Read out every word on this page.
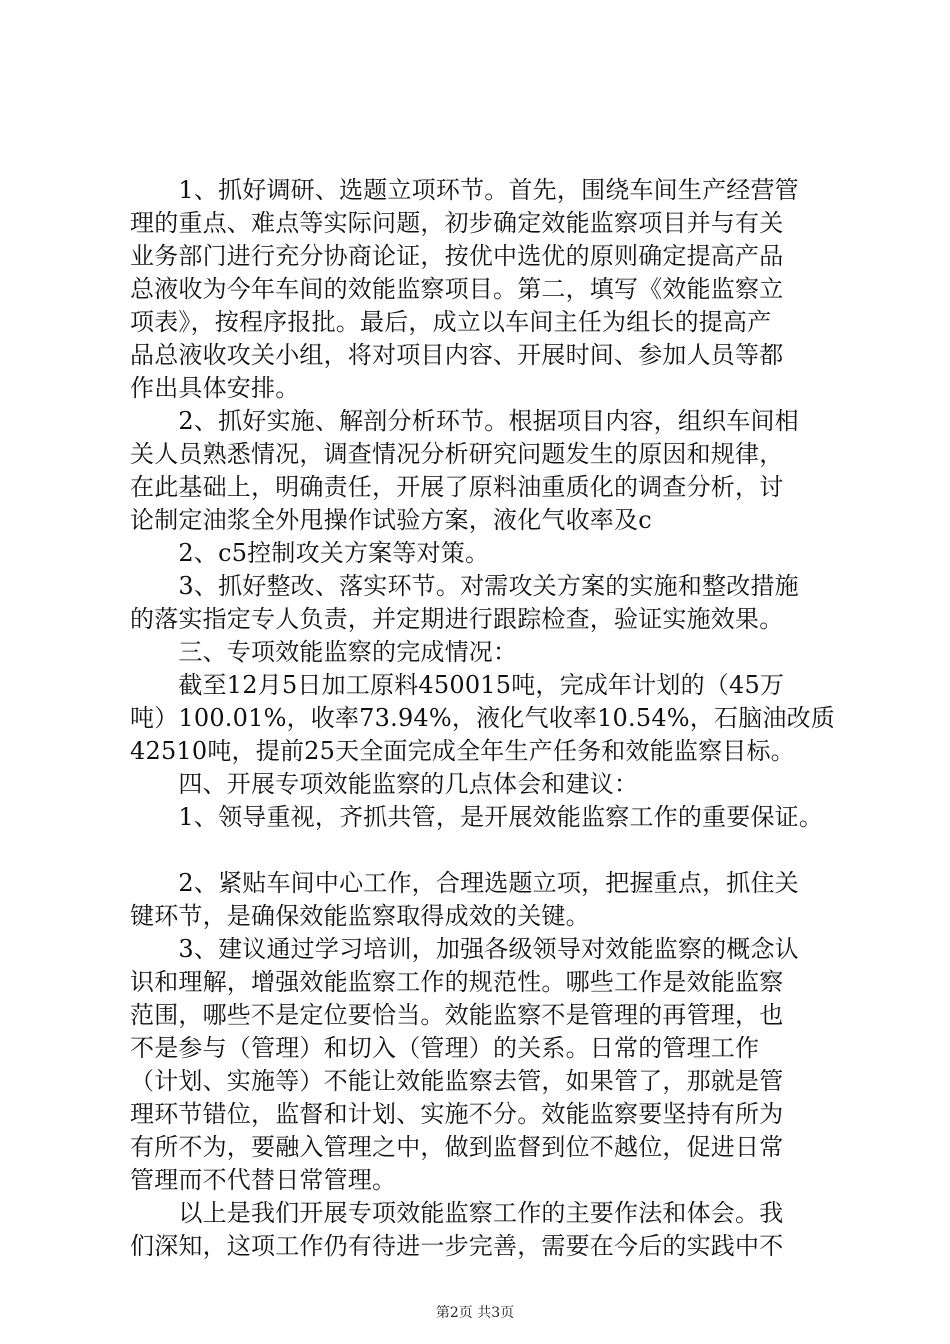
　　1、抓好调研、选题立项环节。首先，围绕车间生产经营管
理的重点、难点等实际问题，初步确定效能监察项目并与有关
业务部门进行充分协商论证，按优中选优的原则确定提高产品
总液收为今年车间的效能监察项目。第二，填写《效能监察立
项表》，按程序报批。最后，成立以车间主任为组长的提高产
品总液收攻关小组，将对项目内容、开展时间、参加人员等都
作出具体安排。
　　2、抓好实施、解剖分析环节。根据项目内容，组织车间相
关人员熟悉情况，调查情况分析研究问题发生的原因和规律，
在此基础上，明确责任，开展了原料油重质化的调查分析，讨
论制定油浆全外甩操作试验方案，液化气收率及c
　　2、c5控制攻关方案等对策。
　　3、抓好整改、落实环节。对需攻关方案的实施和整改措施
的落实指定专人负责，并定期进行跟踪检查，验证实施效果。
　　三、专项效能监察的完成情况：
　　截至12月5日加工原料450015吨，完成年计划的（45万
吨）100.01%，收率73.94%，液化气收率10.54%，石脑油改质
42510吨，提前25天全面完成全年生产任务和效能监察目标。
　　四、开展专项效能监察的几点体会和建议：
　　1、领导重视，齐抓共管，是开展效能监察工作的重要保证。
　　2、紧贴车间中心工作，合理选题立项，把握重点，抓住关
键环节，是确保效能监察取得成效的关键。
　　3、建议通过学习培训，加强各级领导对效能监察的概念认
识和理解，增强效能监察工作的规范性。哪些工作是效能监察
范围，哪些不是定位要恰当。效能监察不是管理的再管理，也
不是参与（管理）和切入（管理）的关系。日常的管理工作
（计划、实施等）不能让效能监察去管，如果管了，那就是管
理环节错位，监督和计划、实施不分。效能监察要坚持有所为
有所不为，要融入管理之中，做到监督到位不越位，促进日常
管理而不代替日常管理。
　　以上是我们开展专项效能监察工作的主要作法和体会。我
们深知，这项工作仍有待进一步完善，需要在今后的实践中不
第2页 共3页
